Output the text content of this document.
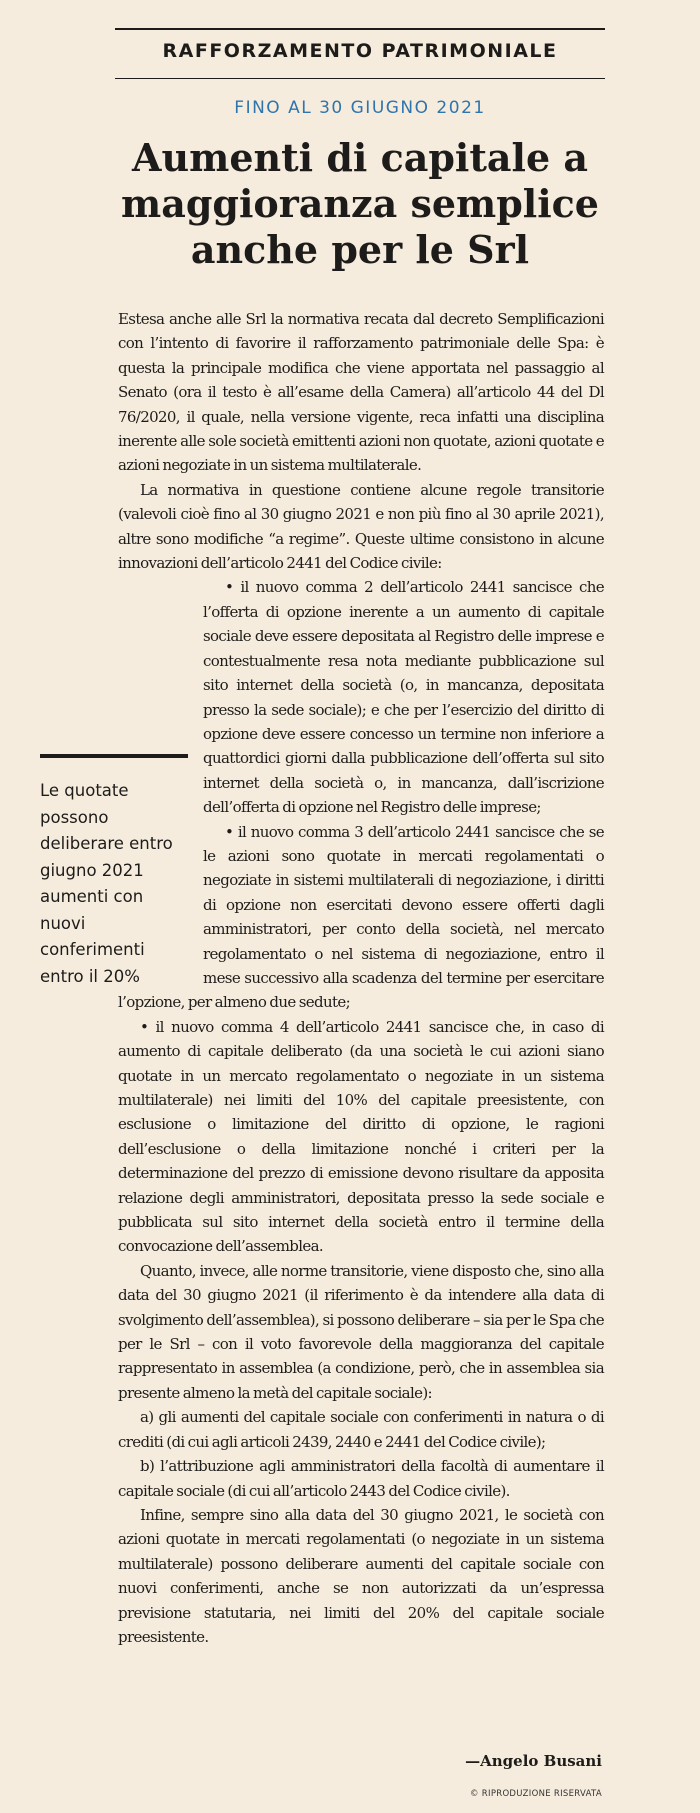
RAFFORZAMENTO PATRIMONIALE
FINO AL 30 GIUGNO 2021
Aumenti di capitale a maggioranza semplice anche per le Srl

Estesa anche alle Srl la normativa recata dal decreto Semplificazioni con l’intento di favorire il rafforzamento patrimoniale delle Spa: è questa la principale modifica che viene apportata nel passaggio al Senato (ora il testo è all’esame della Camera) all’articolo 44 del Dl 76/2020, il quale, nella versione vigente, reca infatti una disciplina inerente alle sole società emittenti azioni non quotate, azioni quotate e azioni negoziate in un sistema multilaterale.

La normativa in questione contiene alcune regole transitorie (valevoli cioè fino al 30 giugno 2021 e non più fino al 30 aprile 2021), altre sono modifiche “a regime”. Queste ultime consistono in alcune innovazioni dell’articolo 2441 del Codice civile:

• il nuovo comma 2 dell’articolo 2441 sancisce che l’offerta di opzione inerente a un aumento di capitale sociale deve essere depositata al Registro delle imprese e contestualmente resa nota mediante pubblicazione sul sito internet della società (o, in mancanza, depositata presso la sede sociale); e che per l’esercizio del diritto di opzione deve essere concesso un termine non inferiore a quattordici giorni dalla pubblicazione dell’offerta sul sito internet della società o, in mancanza, dall’iscrizione dell’offerta di opzione nel Registro delle imprese;

• il nuovo comma 3 dell’articolo 2441 sancisce che se le azioni sono quotate in mercati regolamentati o negoziate in sistemi multilaterali di negoziazione, i diritti di opzione non esercitati devono essere offerti dagli amministratori, per conto della società, nel mercato regolamentato o nel sistema di negoziazione, entro il mese successivo alla scadenza del termine per esercitare l’opzione, per almeno due sedute;

• il nuovo comma 4 dell’articolo 2441 sancisce che, in caso di aumento di capitale deliberato (da una società le cui azioni siano quotate in un mercato regolamentato o negoziate in un sistema multilaterale) nei limiti del 10% del capitale preesistente, con esclusione o limitazione del diritto di opzione, le ragioni dell’esclusione o della limitazione nonché i criteri per la determinazione del prezzo di emissione devono risultare da apposita relazione degli amministratori, depositata presso la sede sociale e pubblicata sul sito internet della società entro il termine della convocazione dell’assemblea.

Quanto, invece, alle norme transitorie, viene disposto che, sino alla data del 30 giugno 2021 (il riferimento è da intendere alla data di svolgimento dell’assemblea), si possono deliberare – sia per le Spa che per le Srl – con il voto favorevole della maggioranza del capitale rappresentato in assemblea (a condizione, però, che in assemblea sia presente almeno la metà del capitale sociale):

a) gli aumenti del capitale sociale con conferimenti in natura o di crediti (di cui agli articoli 2439, 2440 e 2441 del Codice civile);

b) l’attribuzione agli amministratori della facoltà di aumentare il capitale sociale (di cui all’articolo 2443 del Codice civile).

Infine, sempre sino alla data del 30 giugno 2021, le società con azioni quotate in mercati regolamentati (o negoziate in un sistema multilaterale) possono deliberare aumenti del capitale sociale con nuovi conferimenti, anche se non autorizzati da un’espressa previsione statutaria, nei limiti del 20% del capitale sociale preesistente.

Le quotate possono deliberare entro giugno 2021 aumenti con nuovi conferimenti entro il 20%
—Angelo Busani
© RIPRODUZIONE RISERVATA
